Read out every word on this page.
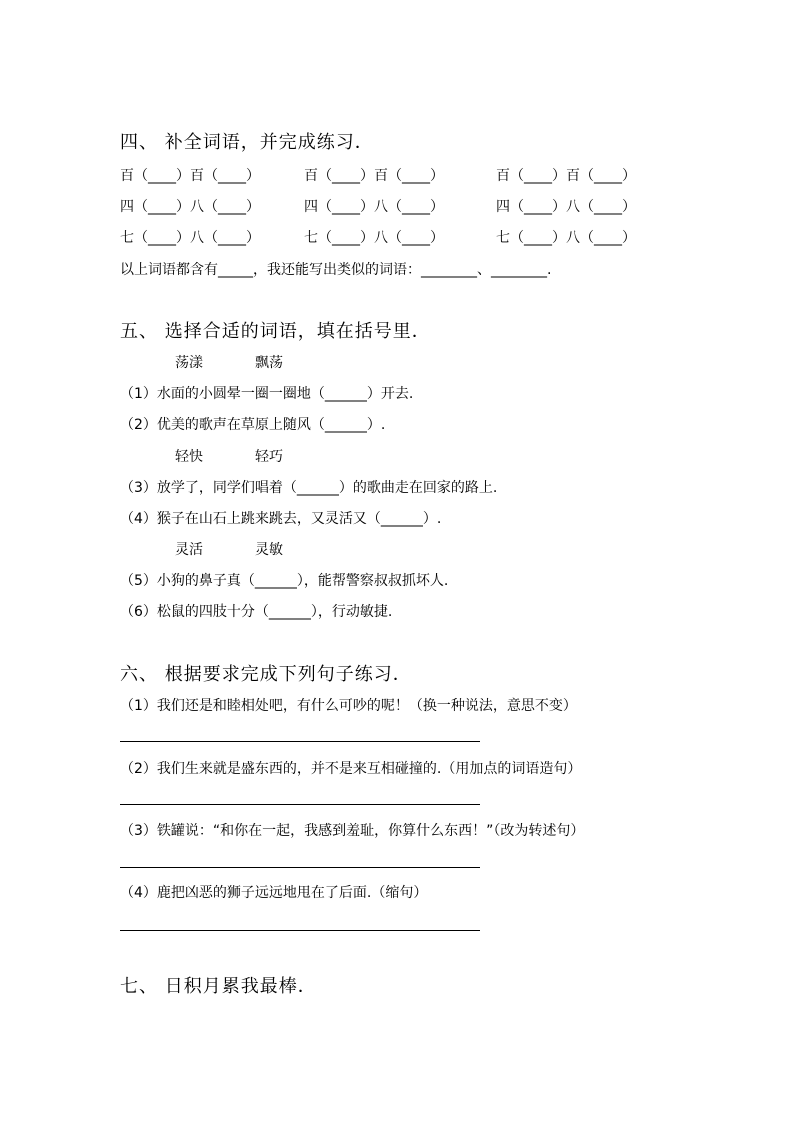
四、 补全词语，并完成练习．
百（____）百（____）	百（____）百（____）	百（____）百（____）
四（____）八（____）	四（____）八（____）	四（____）八（____）
七（____）八（____）	七（____）八（____）	七（____）八（____）
以上词语都含有_____，我还能写出类似的词语：________、________.
五、 选择合适的词语，填在括号里．
荡漾	飘荡
（1）水面的小圆晕一圈一圈地（______）开去.
（2）优美的歌声在草原上随风（______）.
轻快	轻巧
（3）放学了，同学们唱着（______）的歌曲走在回家的路上.
（4）猴子在山石上跳来跳去，又灵活又（______）.
灵活	灵敏
（5）小狗的鼻子真（______），能帮警察叔叔抓坏人.
（6）松鼠的四肢十分（______），行动敏捷.
六、 根据要求完成下列句子练习．
（1）我们还是和睦相处吧，有什么可吵的呢！（换一种说法，意思不变）
（2）我们生来就是盛东西的，并不是来互相碰撞的.（用加点的词语造句）
（3）铁罐说：“和你在一起，我感到羞耻，你算什么东西！”（改为转述句）
（4）鹿把凶恶的狮子远远地甩在了后面.（缩句）
七、 日积月累我最棒．
